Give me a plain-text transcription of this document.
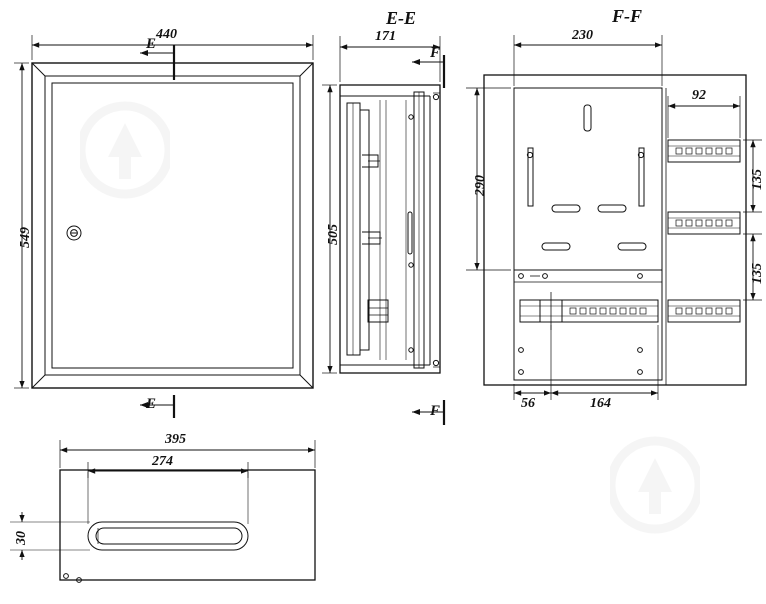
E-E	F-F
440
549
E
E
171
505
F
F
230
92
290	135
135
56	164
395
274
30
